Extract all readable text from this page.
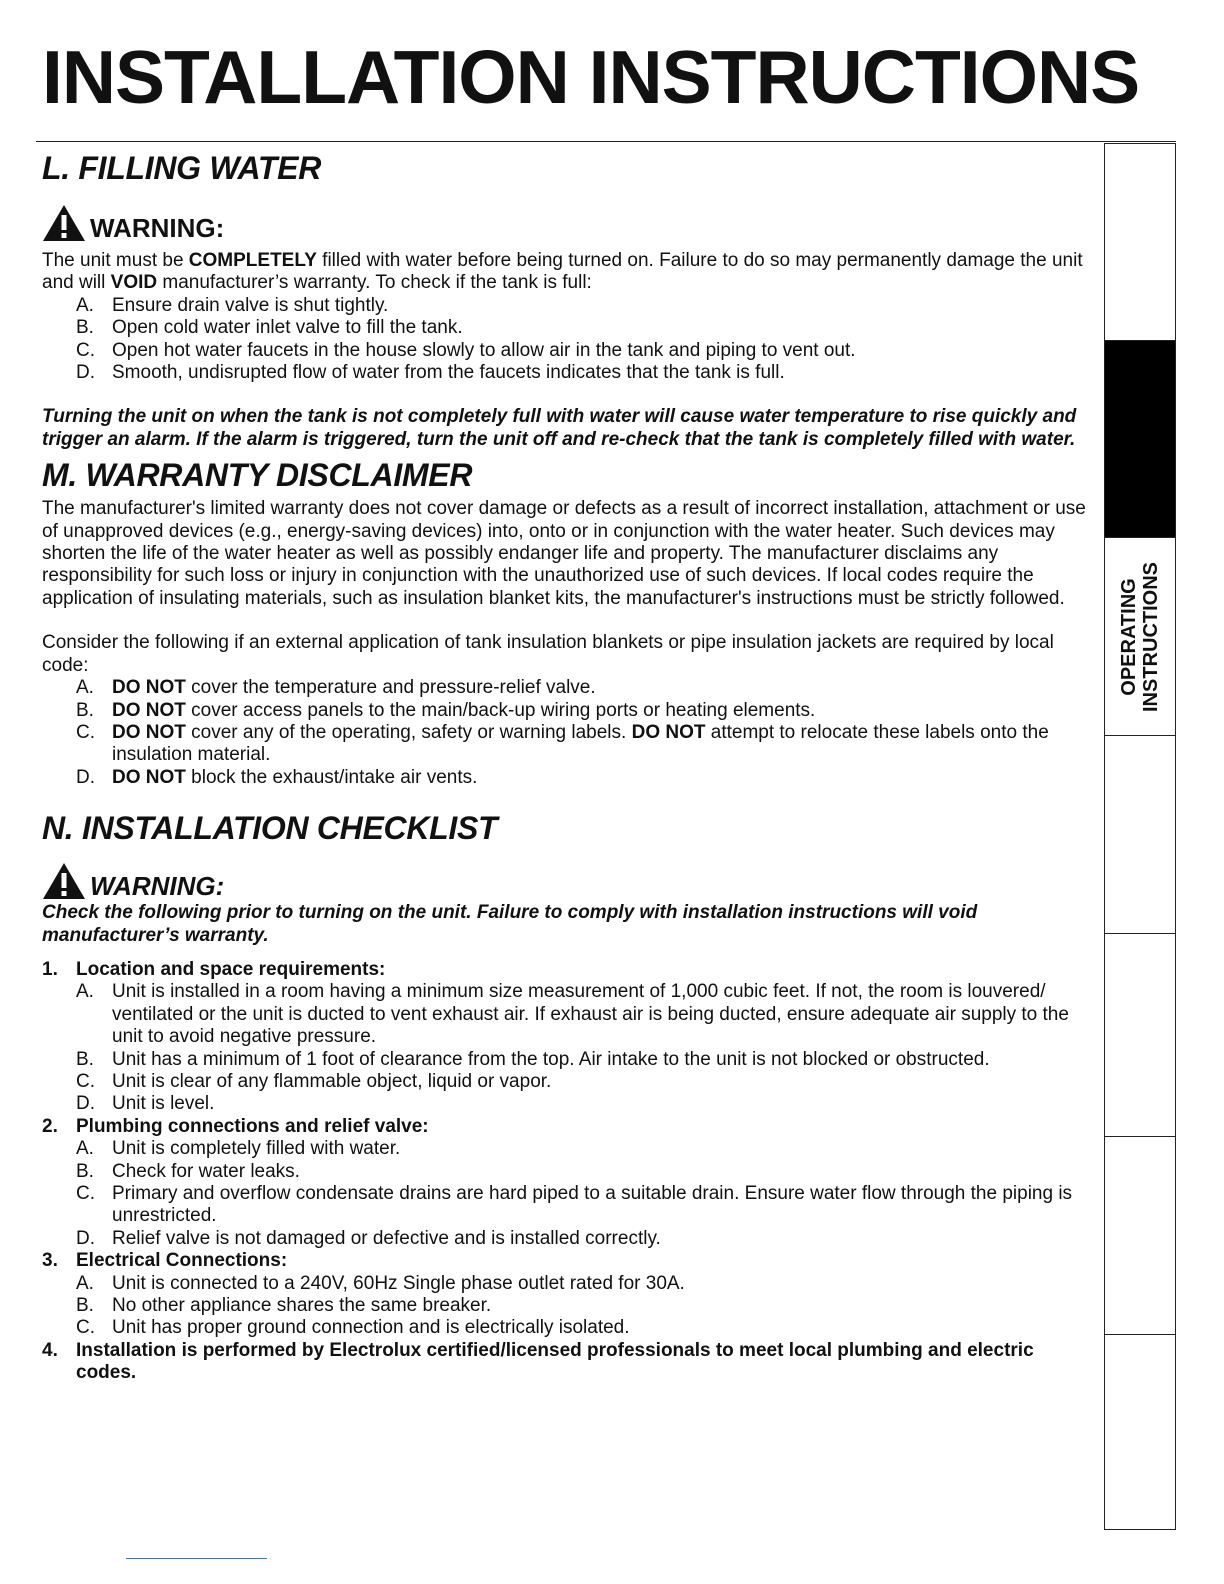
INSTALLATION INSTRUCTIONS
OPERATING INSTRUCTIONS
L. FILLING WATER
WARNING:

The unit must be COMPLETELY filled with water before being turned on. Failure to do so may permanently damage the unit and will VOID manufacturer’s warranty. To check if the tank is full:

A. Ensure drain valve is shut tightly.
B. Open cold water inlet valve to fill the tank.
C. Open hot water faucets in the house slowly to allow air in the tank and piping to vent out.
D. Smooth, undisrupted flow of water from the faucets indicates that the tank is full.

Turning the unit on when the tank is not completely full with water will cause water temperature to rise quickly and trigger an alarm. If the alarm is triggered, turn the unit off and re-check that the tank is completely filled with water.

M. WARRANTY DISCLAIMER

The manufacturer's limited warranty does not cover damage or defects as a result of incorrect installation, attachment or use of unapproved devices (e.g., energy-saving devices) into, onto or in conjunction with the water heater. Such devices may shorten the life of the water heater as well as possibly endanger life and property. The manufacturer disclaims any responsibility for such loss or injury in conjunction with the unauthorized use of such devices. If local codes require the application of insulating materials, such as insulation blanket kits, the manufacturer's instructions must be strictly followed.

Consider the following if an external application of tank insulation blankets or pipe insulation jackets are required by local code:

A. DO NOT cover the temperature and pressure-relief valve.
B. DO NOT cover access panels to the main/back-up wiring ports or heating elements.
C. DO NOT cover any of the operating, safety or warning labels. DO NOT attempt to relocate these labels onto the insulation material.
D. DO NOT block the exhaust/intake air vents.
N. INSTALLATION CHECKLIST
WARNING:

Check the following prior to turning on the unit. Failure to comply with installation instructions will void manufacturer’s warranty.

1. Location and space requirements:
A. Unit is installed in a room having a minimum size measurement of 1,000 cubic feet. If not, the room is louvered/ ventilated or the unit is ducted to vent exhaust air. If exhaust air is being ducted, ensure adequate air supply to the unit to avoid negative pressure.
B. Unit has a minimum of 1 foot of clearance from the top. Air intake to the unit is not blocked or obstructed.
C. Unit is clear of any flammable object, liquid or vapor.
D. Unit is level.
2. Plumbing connections and relief valve:
A. Unit is completely filled with water.
B. Check for water leaks.
C. Primary and overflow condensate drains are hard piped to a suitable drain. Ensure water flow through the piping is unrestricted.
D. Relief valve is not damaged or defective and is installed correctly.
3. Electrical Connections:
A. Unit is connected to a 240V, 60Hz Single phase outlet rated for 30A.
B. No other appliance shares the same breaker.
C. Unit has proper ground connection and is electrically isolated.
4. Installation is performed by Electrolux certified/licensed professionals to meet local plumbing and electric codes.
